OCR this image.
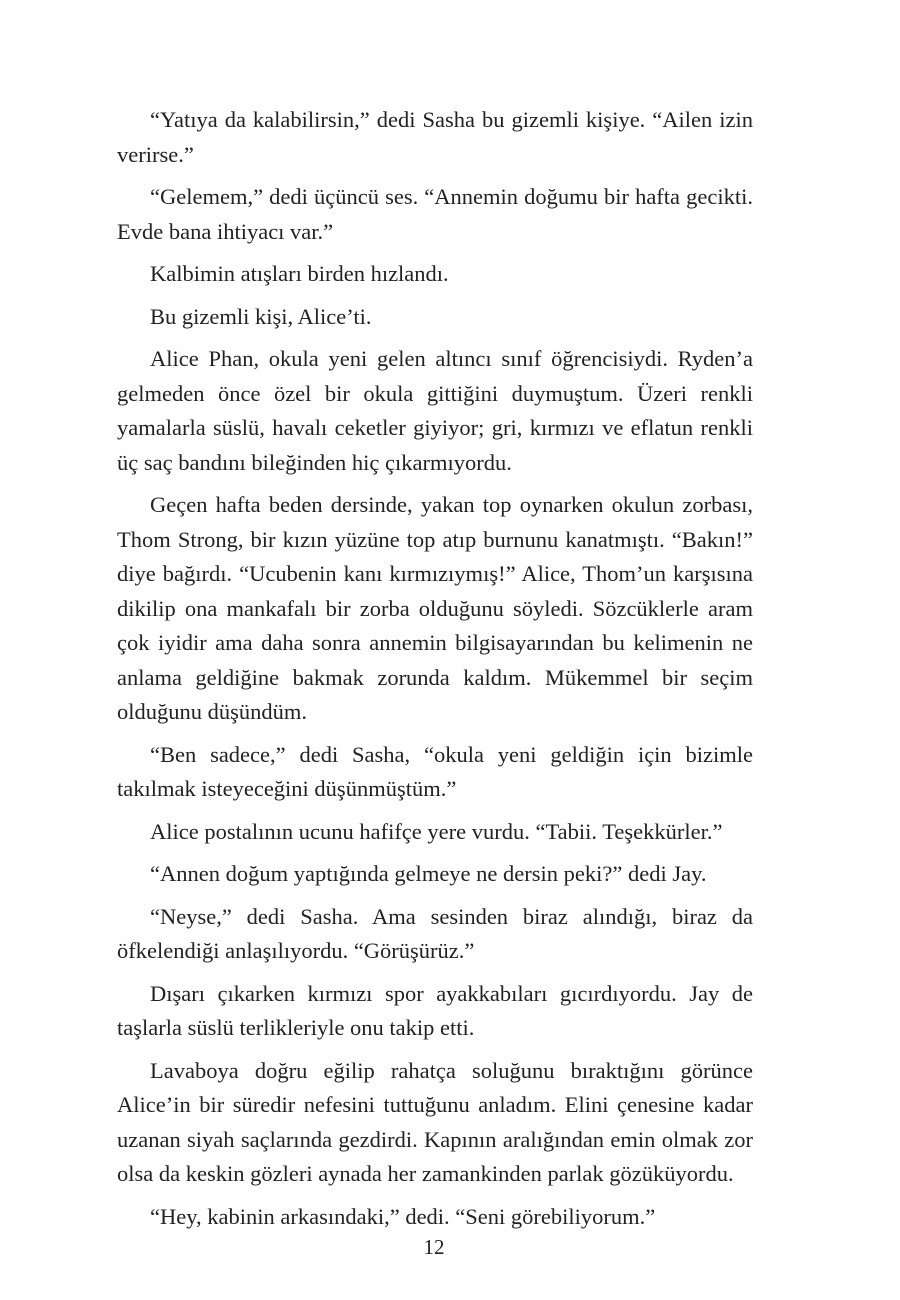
“Yatıya da kalabilirsin,” dedi Sasha bu gizemli kişiye. “Ailen izin verirse.”

“Gelemem,” dedi üçüncü ses. “Annemin doğumu bir hafta gecikti. Evde bana ihtiyacı var.”

Kalbimin atışları birden hızlandı.

Bu gizemli kişi, Alice’ti.

Alice Phan, okula yeni gelen altıncı sınıf öğrencisiydi. Ryden’a gelmeden önce özel bir okula gittiğini duymuştum. Üzeri renkli yamalarla süslü, havalı ceketler giyiyor; gri, kırmızı ve eflatun renkli üç saç bandını bileğinden hiç çıkarmıyordu.

Geçen hafta beden dersinde, yakan top oynarken okulun zorbası, Thom Strong, bir kızın yüzüne top atıp burnunu kanatmıştı. “Bakın!” diye bağırdı. “Ucubenin kanı kırmızıymış!” Alice, Thom’un karşısına dikilip ona mankafalı bir zorba olduğunu söyledi. Sözcüklerle aram çok iyidir ama daha sonra annemin bilgisayarından bu kelimenin ne anlama geldiğine bakmak zorunda kaldım. Mükemmel bir seçim olduğunu düşündüm.

“Ben sadece,” dedi Sasha, “okula yeni geldiğin için bizimle takılmak isteyeceğini düşünmüştüm.”

Alice postalının ucunu hafifçe yere vurdu. “Tabii. Teşekkürler.”

“Annen doğum yaptığında gelmeye ne dersin peki?” dedi Jay.

“Neyse,” dedi Sasha. Ama sesinden biraz alındığı, biraz da öfkelendiği anlaşılıyordu. “Görüşürüz.”

Dışarı çıkarken kırmızı spor ayakkabıları gıcırdıyordu. Jay de taşlarla süslü terlikleriyle onu takip etti.

Lavaboya doğru eğilip rahatça soluğunu bıraktığını görünce Alice’in bir süredir nefesini tuttuğunu anladım. Elini çenesine kadar uzanan siyah saçlarında gezdirdi. Kapının aralığından emin olmak zor olsa da keskin gözleri aynada her zamankinden parlak gözüküyordu.

“Hey, kabinin arkasındaki,” dedi. “Seni görebiliyorum.”

12
